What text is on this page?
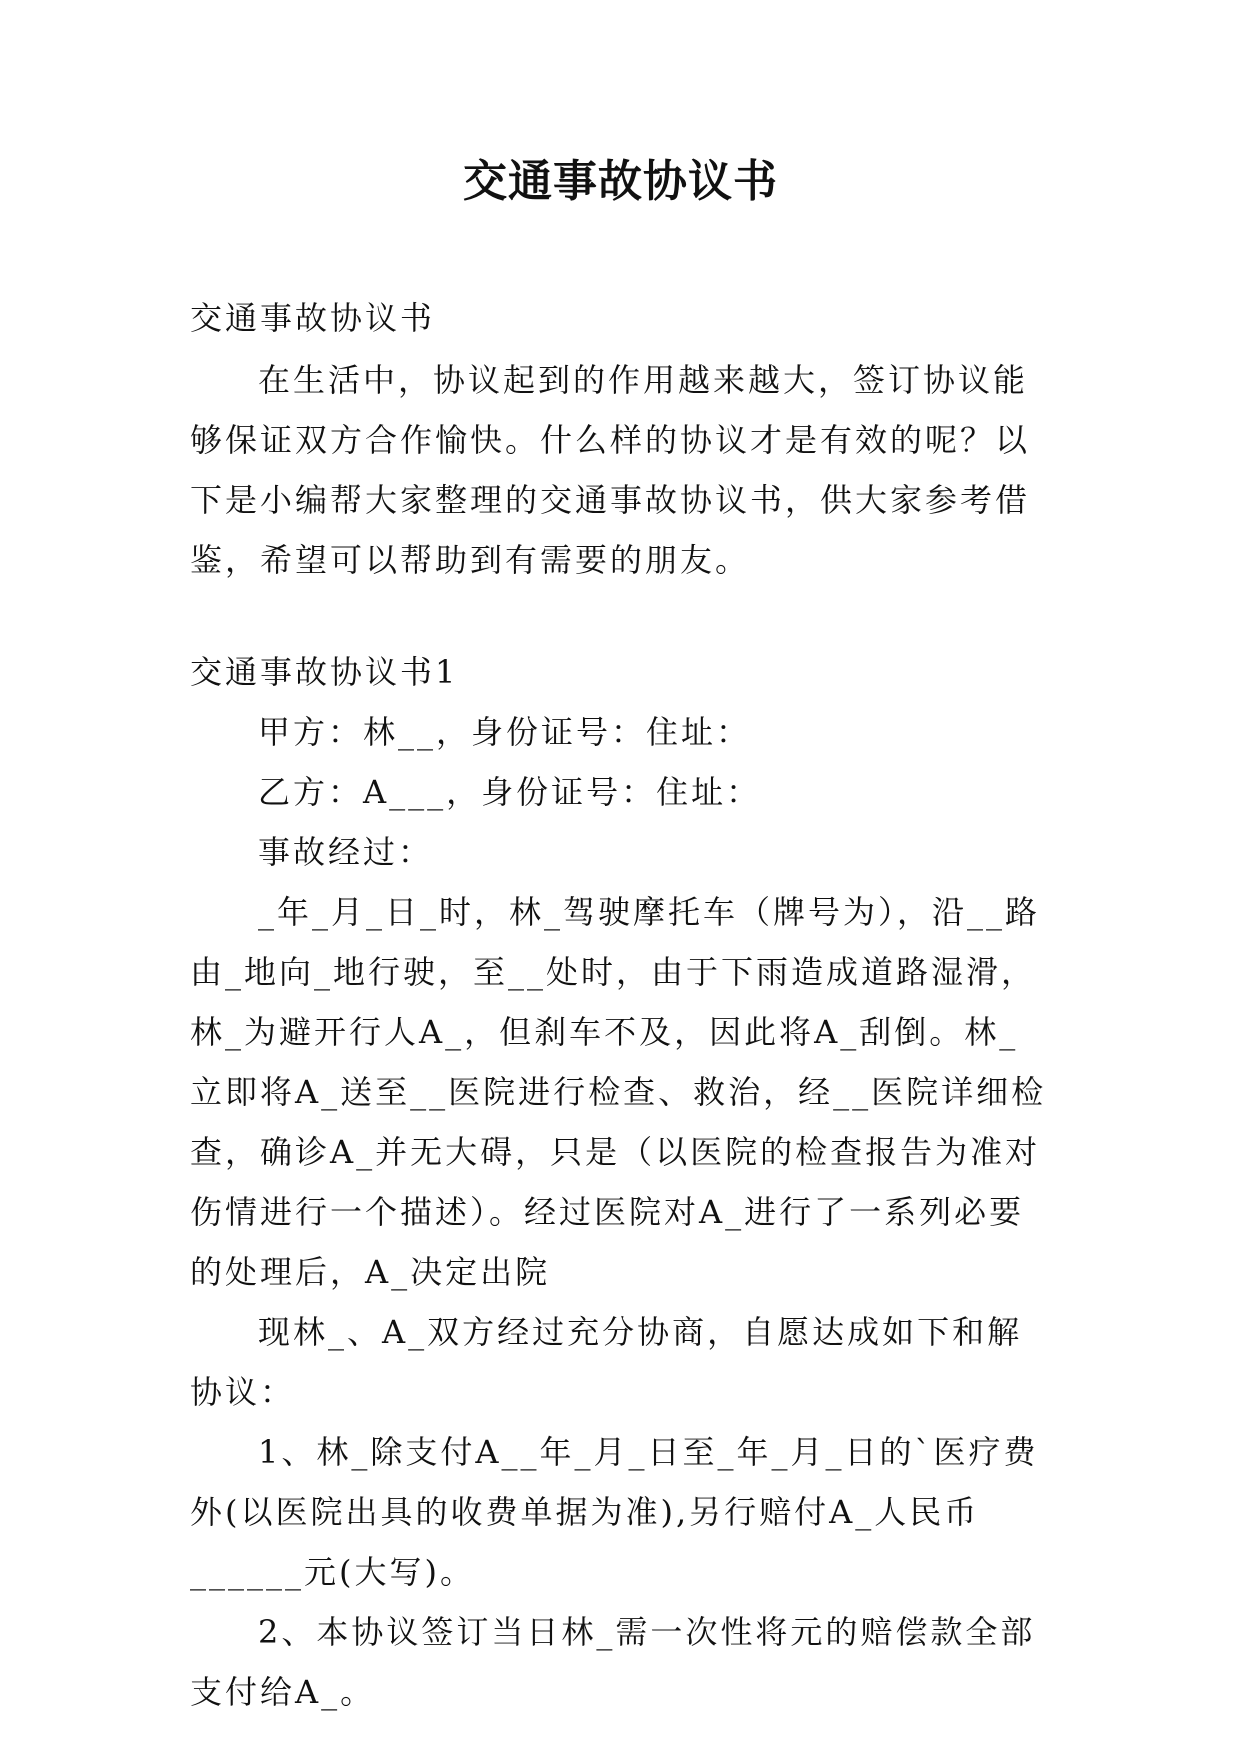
交通事故协议书

交通事故协议书

在生活中，协议起到的作用越来越大，签订协议能够保证双方合作愉快。什么样的协议才是有效的呢？以下是小编帮大家整理的交通事故协议书，供大家参考借鉴，希望可以帮助到有需要的朋友。

交通事故协议书1

甲方：林__，身份证号：住址：

乙方：A___，身份证号：住址：

事故经过：

_年_月_日_时，林_驾驶摩托车（牌号为），沿__路由_地向_地行驶，至__处时，由于下雨造成道路湿滑，林_为避开行人A_，但刹车不及，因此将A_刮倒。林_立即将A_送至__医院进行检查、救治，经__医院详细检查，确诊A_并无大碍，只是（以医院的检查报告为准对伤情进行一个描述）。经过医院对A_进行了一系列必要的处理后，A_决定出院

现林_、A_双方经过充分协商，自愿达成如下和解协议：

1、林_除支付A__年_月_日至_年_月_日的`医疗费外(以医院出具的收费单据为准),另行赔付A_人民币______元(大写)。

2、本协议签订当日林_需一次性将元的赔偿款全部支付给A_。
